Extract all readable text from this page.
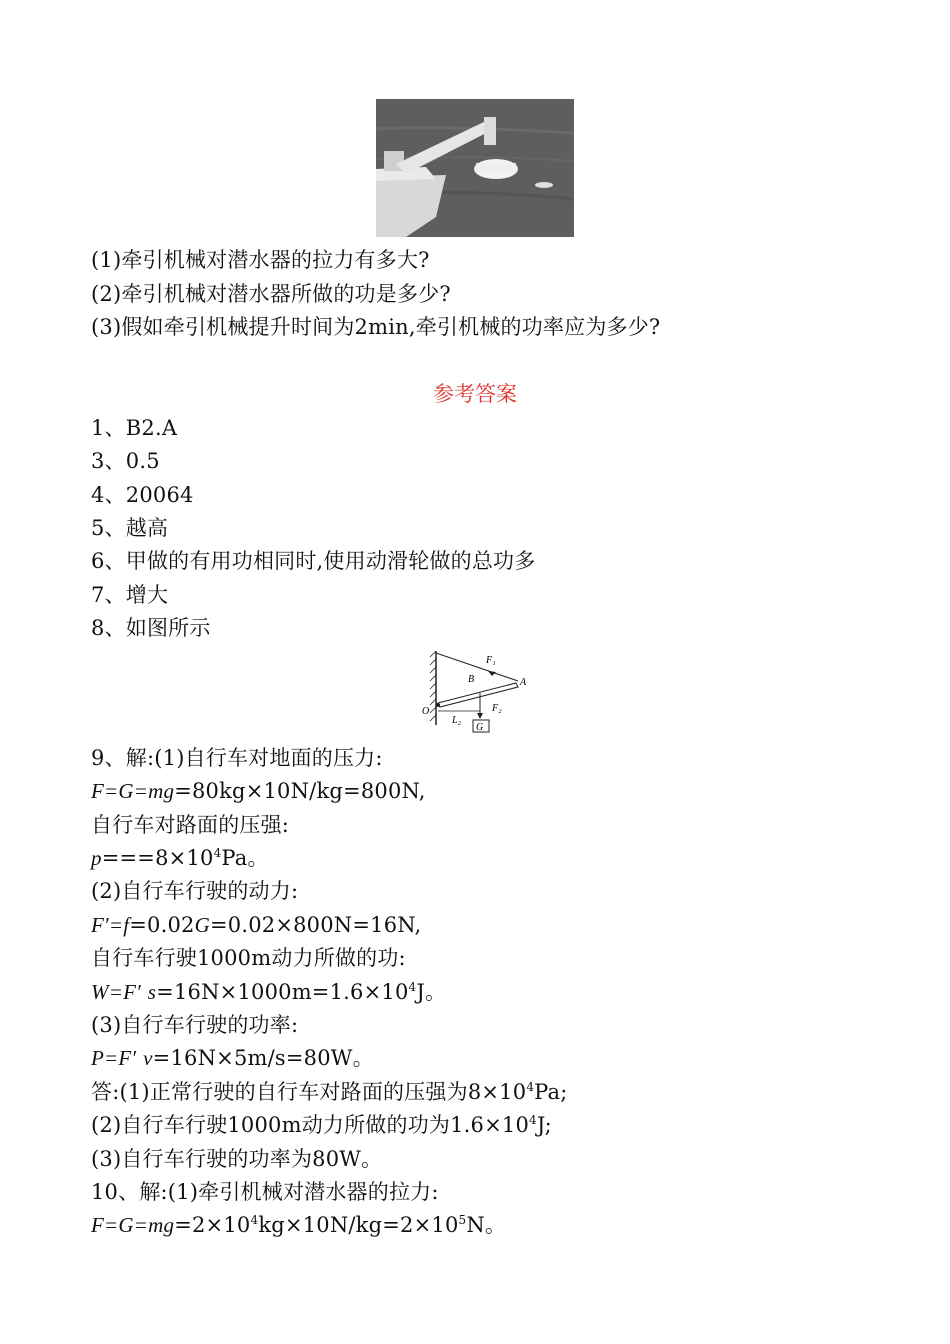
(1)牵引机械对潜水器的拉力有多大?
(2)牵引机械对潜水器所做的功是多少?
(3)假如牵引机械提升时间为2min,牵引机械的功率应为多少?
参考答案
1、B2.A
3、0.5
4、20064
5、越高
6、甲做的有用功相同时,使用动滑轮做的总功多
7、增大
8、如图所示
G
F₁
A
B
O
L₂
F₂
9、解:(1)自行车对地面的压力:
F=G=mg=80kg×10N/kg=800N,
自行车对路面的压强:
$p===8\times 10^4Pa$。
(2)自行车行驶的动力:
F′=f=0.02G=0.02×800N=16N,
自行车行驶1000m动力所做的功:
W=F′ $s=16N\times 1000m=1.6\times 10^4J$。
(3)自行车行驶的功率:
P=F′ v=16N×5m/s=80W。
答:(1)正常行驶的自行车对路面的压强为$8\times 10^4Pa$;
(2)自行车行驶1000m动力所做的功为$1.6\times 10^4J$;
(3)自行车行驶的功率为80W。
10、解:(1)牵引机械对潜水器的拉力:
$F=G=mg=2\times 10^4kg\times 10N/kg=2\times 10^5N$。
